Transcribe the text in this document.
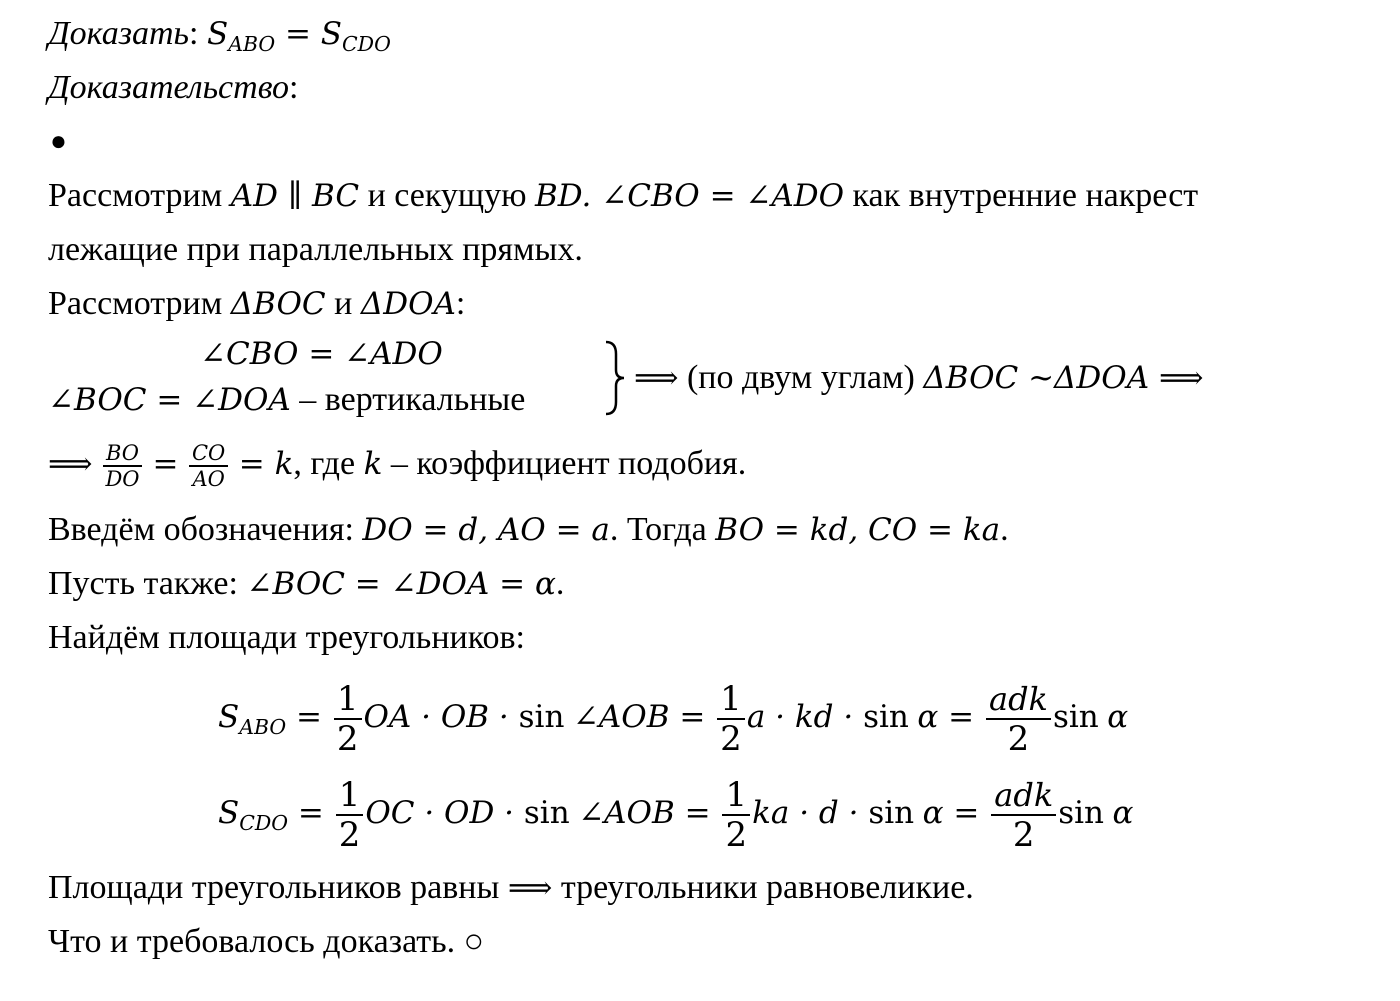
Доказать: $S_{ABO} = S_{CDO}$
Доказательство:
●
Рассмотрим AD ∥ BC и секущую BD. ∠CBO = ∠ADO как внутренние накрест
лежащие при параллельных прямых.
Рассмотрим ΔBOC и ΔDOA:
∠CBO = ∠ADO
∠BOC = ∠DOA – вертикальные
⟹ (по двум углам) ΔBOC ~ΔDOA ⟹
⟹ $\frac{BO}{DO} = \frac{CO}{AO} = k$, где k – коэффициент подобия.
Введём обозначения: DO = d, AO = a. Тогда BO = kd, CO = ka.
Пусть также: ∠BOC = ∠DOA = α.
Найдём площади треугольников:
$S_{ABO} = \frac{1}{2}$ OA · OB · sin ∠AOB = $\frac{1}{2}$ a · kd · $\sin \alpha = \frac{\text{adk}}{2}$ sin α
$S_{CDO} = \frac{1}{2}$ OC · OD · sin ∠AOB = $\frac{1}{2}$ ka · $d \cdot \sin \alpha = \frac{\text{adk}}{2}$ sin α
Площади треугольников равны ⟹ треугольники равновеликие.
Что и требовалось доказать. ○
